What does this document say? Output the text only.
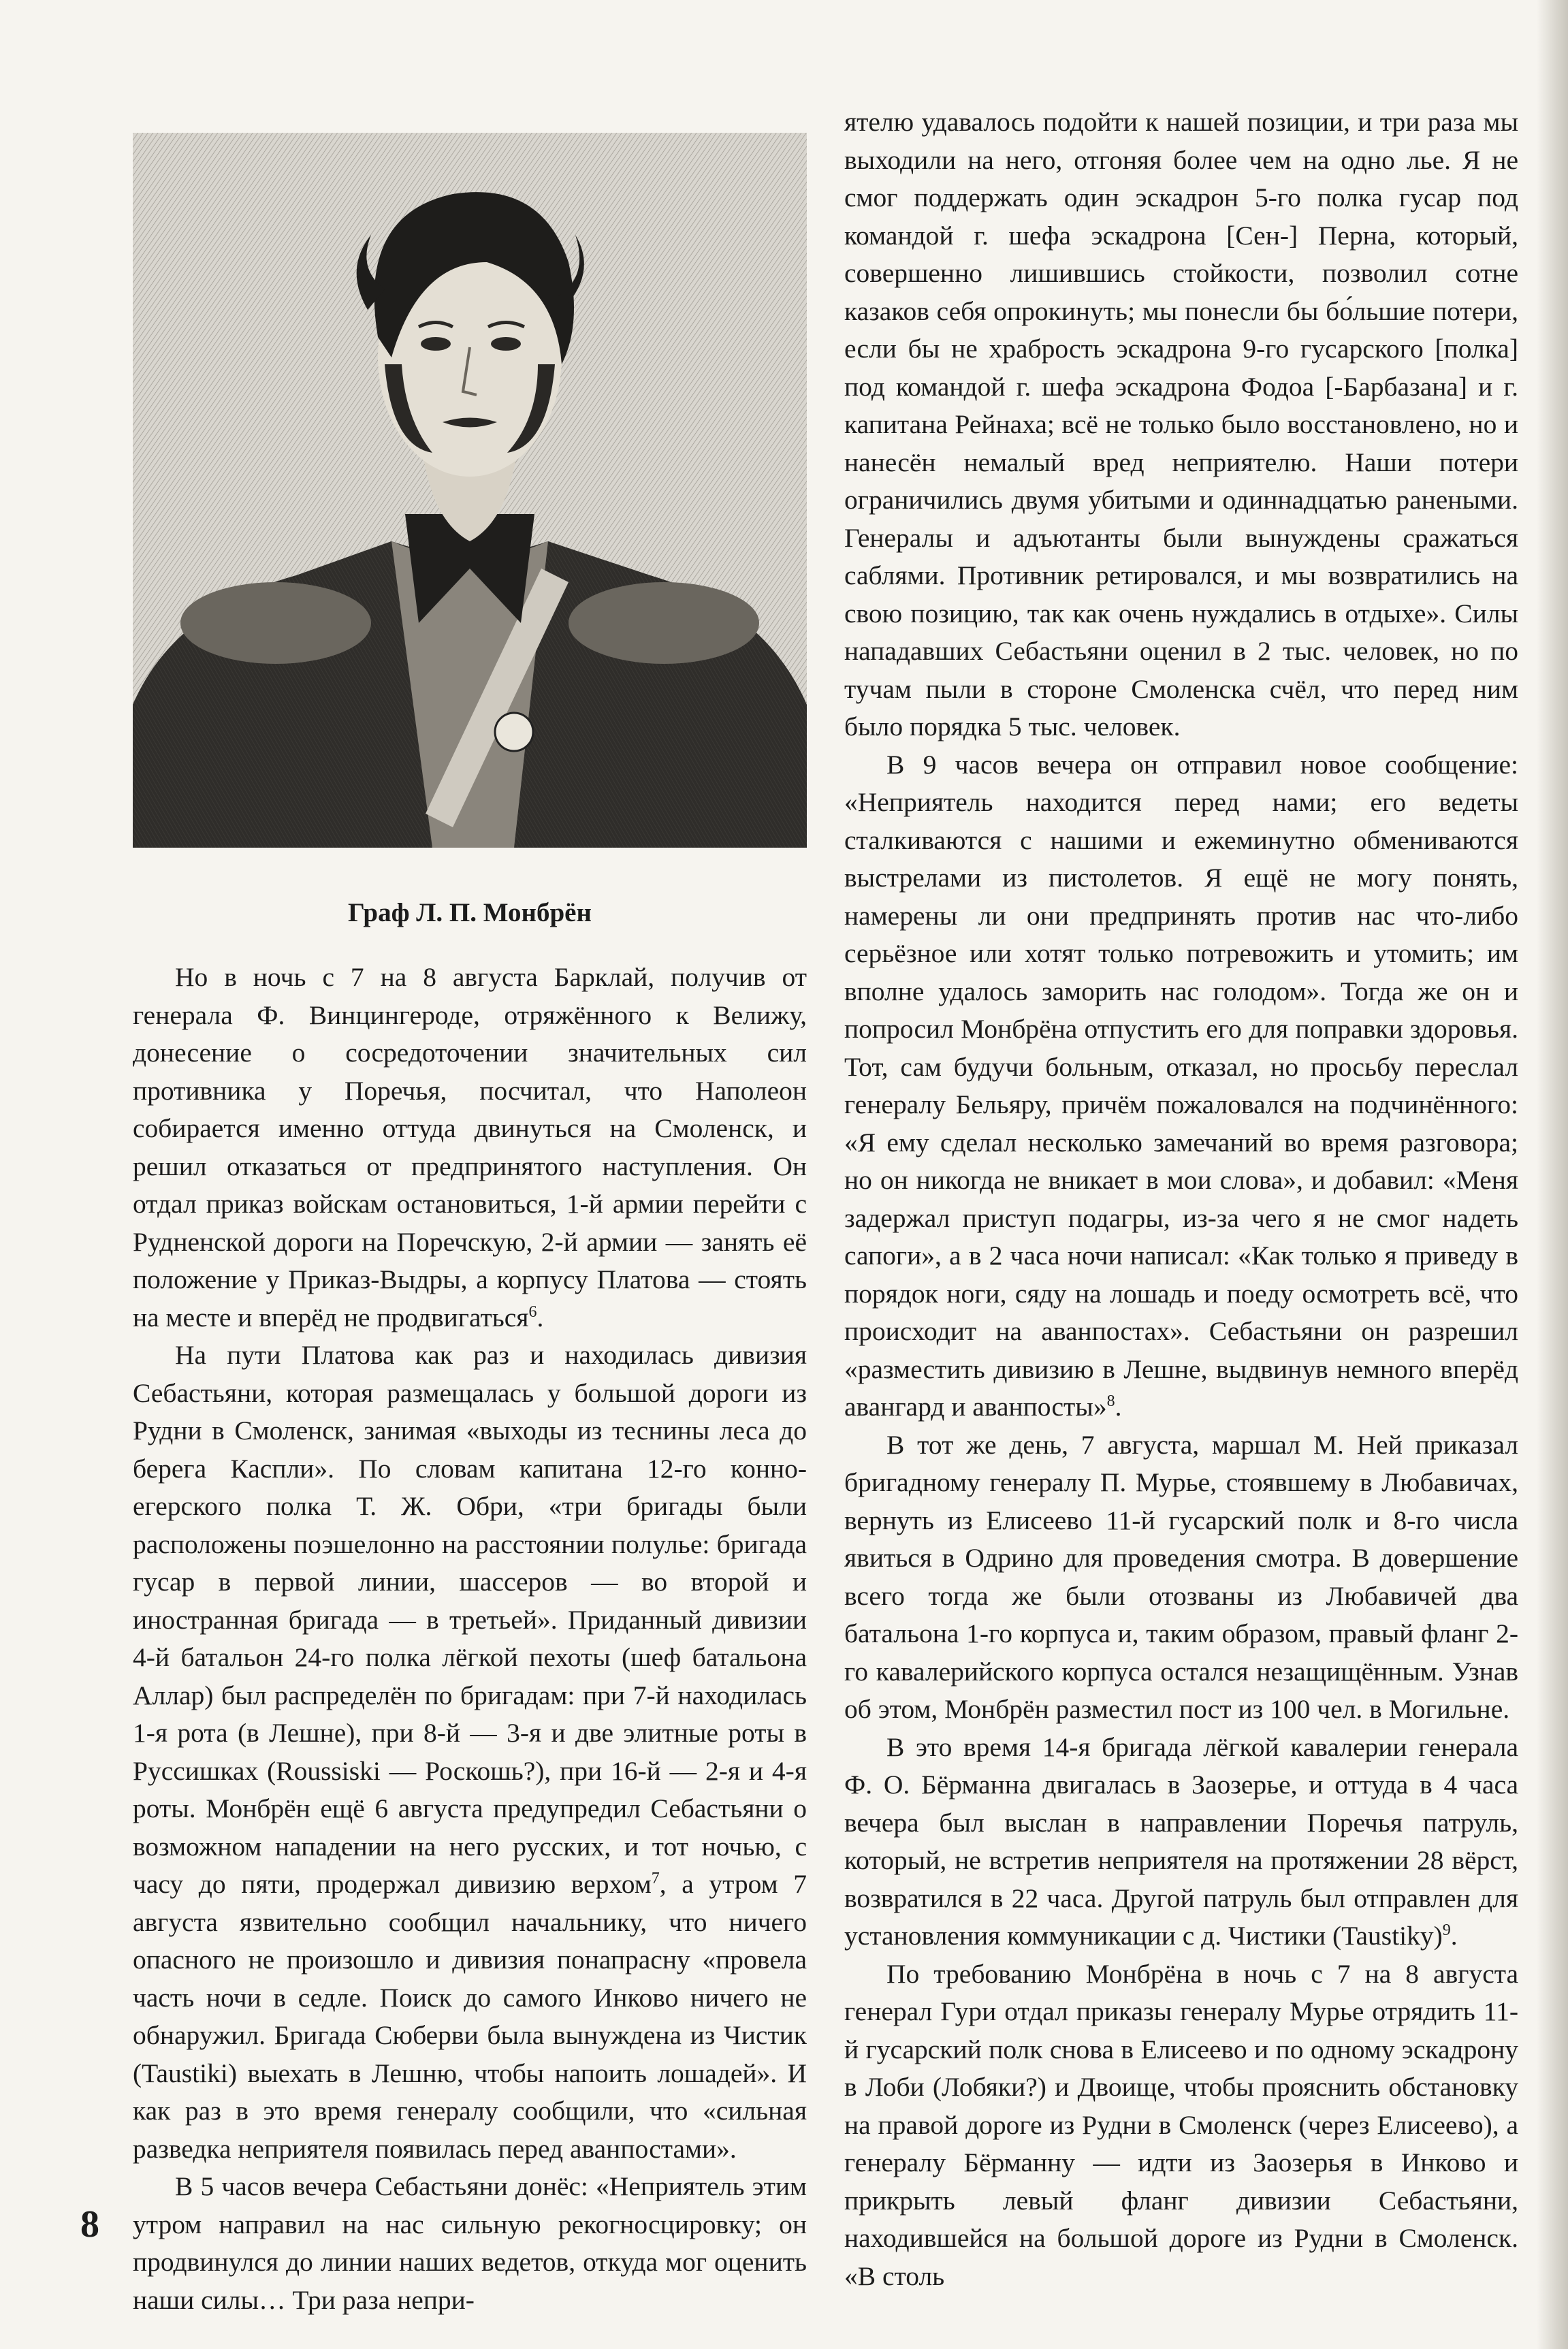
Граф Л. П. Монбрён

Но в ночь с 7 на 8 августа Барклай, получив от генерала Ф. Винцингероде, отряжённого к Велижу, донесение о сосредоточении значительных сил противника у Поречья, посчитал, что Наполеон собирается именно оттуда двинуться на Смоленск, и решил отказаться от предпринятого наступления. Он отдал приказ войскам остановиться, 1-й армии перейти с Рудненской дороги на Поречскую, 2-й армии — занять её положение у Приказ-Выдры, а корпусу Платова — стоять на месте и вперёд не продвигаться$^6$.

На пути Платова как раз и находилась дивизия Себастьяни, которая размещалась у большой дороги из Рудни в Смоленск, занимая «выходы из теснины леса до берега Каспли». По словам капитана 12-го конно-егерского полка Т. Ж. Обри, «три бригады были расположены поэшелонно на расстоянии полулье: бригада гусар в первой линии, шассеров — во второй и иностранная бригада — в третьей». Приданный дивизии 4-й батальон 24-го полка лёгкой пехоты (шеф батальона Аллар) был распределён по бригадам: при 7-й находилась 1-я рота (в Лешне), при 8-й — 3-я и две элитные роты в Руссишках (Roussiski — Роскошь?), при 16-й — 2-я и 4-я роты. Монбрён ещё 6 августа предупредил Себастьяни о возможном нападении на него русских, и тот ночью, с часу до пяти, продержал дивизию верхом$^7$, а утром 7 августа язвительно сообщил начальнику, что ничего опасного не произошло и дивизия понапрасну «провела часть ночи в седле. Поиск до самого Инково ничего не обнаружил. Бригада Сюберви была вынуждена из Чистик (Taustiki) выехать в Лешню, чтобы напоить лошадей». И как раз в это время генералу сообщили, что «сильная разведка неприятеля появилась перед аванпостами».

В 5 часов вечера Себастьяни донёс: «Неприятель этим утром направил на нас сильную рекогносцировку; он продвинулся до линии наших ведетов, откуда мог оценить наши силы… Три раза непри-

ятелю удавалось подойти к нашей позиции, и три раза мы выходили на него, отгоняя более чем на одно лье. Я не смог поддержать один эскадрон 5-го полка гусар под командой г. шефа эскадрона [Сен-] Перна, который, совершенно лишившись стойкости, позволил сотне казаков себя опрокинуть; мы понесли бы бо́льшие потери, если бы не храбрость эскадрона 9-го гусарского [полка] под командой г. шефа эскадрона Фодоа [-Барбазана] и г. капитана Рейнаха; всё не только было восстановлено, но и нанесён немалый вред неприятелю. Наши потери ограничились двумя убитыми и одиннадцатью ранеными. Генералы и адъютанты были вынуждены сражаться саблями. Противник ретировался, и мы возвратились на свою позицию, так как очень нуждались в отдыхе». Силы нападавших Себастьяни оценил в 2 тыс. человек, но по тучам пыли в стороне Смоленска счёл, что перед ним было порядка 5 тыс. человек.

В 9 часов вечера он отправил новое сообщение: «Неприятель находится перед нами; его ведеты сталкиваются с нашими и ежеминутно обмениваются выстрелами из пистолетов. Я ещё не могу понять, намерены ли они предпринять против нас что-либо серьёзное или хотят только потревожить и утомить; им вполне удалось заморить нас голодом». Тогда же он и попросил Монбрёна отпустить его для поправки здоровья. Тот, сам будучи больным, отказал, но просьбу переслал генералу Бельяру, причём пожаловался на подчинённого: «Я ему сделал несколько замечаний во время разговора; но он никогда не вникает в мои слова», и добавил: «Меня задержал приступ подагры, из-за чего я не смог надеть сапоги», а в 2 часа ночи написал: «Как только я приведу в порядок ноги, сяду на лошадь и поеду осмотреть всё, что происходит на аванпостах». Себастьяни он разрешил «разместить дивизию в Лешне, выдвинув немного вперёд авангард и аванпосты»$^8$.

В тот же день, 7 августа, маршал М. Ней приказал бригадному генералу П. Мурье, стоявшему в Любавичах, вернуть из Елисеево 11-й гусарский полк и 8-го числа явиться в Одрино для проведения смотра. В довершение всего тогда же были отозваны из Любавичей два батальона 1-го корпуса и, таким образом, правый фланг 2-го кавалерийского корпуса остался незащищённым. Узнав об этом, Монбрён разместил пост из 100 чел. в Могильне.

В это время 14-я бригада лёгкой кавалерии генерала Ф. О. Бёрманна двигалась в Заозерье, и оттуда в 4 часа вечера был выслан в направлении Поречья патруль, который, не встретив неприятеля на протяжении 28 вёрст, возвратился в 22 часа. Другой патруль был отправлен для установления коммуникации с д. Чистики (Taustiky)$^9$.

По требованию Монбрёна в ночь с 7 на 8 августа генерал Гури отдал приказы генералу Мурье отрядить 11-й гусарский полк снова в Елисеево и по одному эскадрону в Лоби (Лобяки?) и Двоище, чтобы прояснить обстановку на правой дороге из Рудни в Смоленск (через Елисеево), а генералу Бёрманну — идти из Заозерья в Инково и прикрыть левый фланг дивизии Себастьяни, находившейся на большой дороге из Рудни в Смоленск. «В столь

8
